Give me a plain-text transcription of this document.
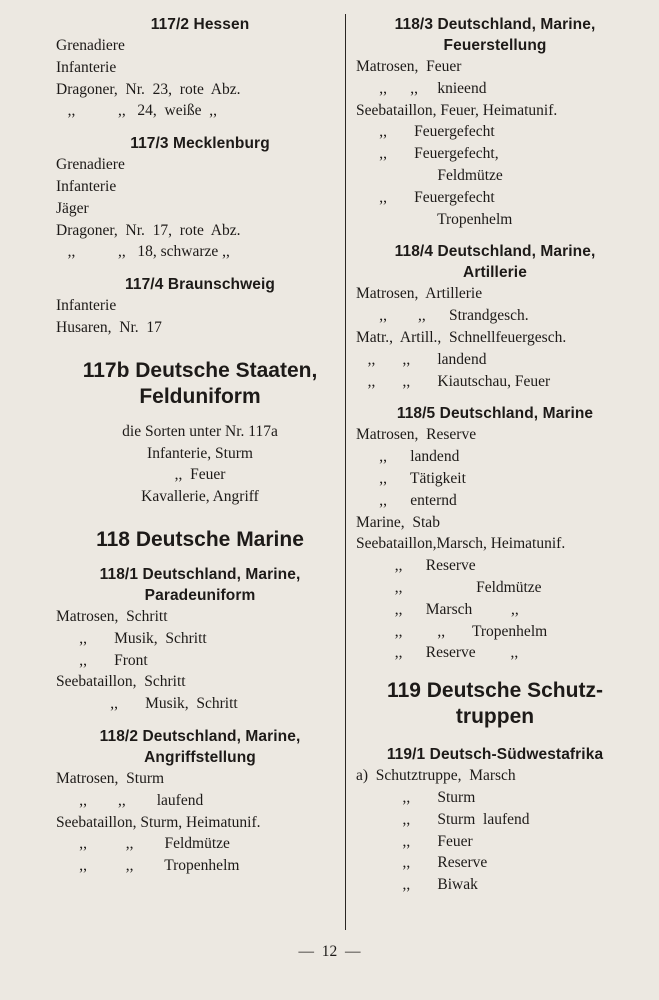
117/2 Hessen
Grenadiere
Infanterie
Dragoner,  Nr.  23,  rote  Abz.
,,           ,,   24,  weiße  ,,
117/3 Mecklenburg
Grenadiere
Infanterie
Jäger
Dragoner,  Nr.  17,  rote  Abz.
,,           ,,   18, schwarze ,,
117/4 Braunschweig
Infanterie
Husaren,  Nr.  17
117b Deutsche Staaten,
Felduniform
die Sorten unter Nr. 117a
Infanterie, Sturm
,,  Feuer
Kavallerie, Angriff
118 Deutsche Marine
118/1 Deutschland, Marine,
Paradeuniform
Matrosen,  Schritt
,,       Musik,  Schritt
,,       Front
Seebataillon,  Schritt
,,       Musik,  Schritt
118/2 Deutschland, Marine,
Angriffstellung
Matrosen,  Sturm
,,        ,,        laufend
Seebataillon, Sturm, Heimatunif.
,,          ,,        Feldmütze
,,          ,,        Tropenhelm
118/3 Deutschland, Marine,
Feuerstellung
Matrosen,  Feuer
,,      ,,     knieend
Seebataillon, Feuer, Heimatunif.
,,       Feuergefecht
,,       Feuergefecht,
Feldmütze
,,       Feuergefecht
Tropenhelm
118/4 Deutschland, Marine,
Artillerie
Matrosen,  Artillerie
,,        ,,      Strandgesch.
Matr.,  Artill.,  Schnellfeuergesch.
,,       ,,       landend
,,       ,,       Kiautschau, Feuer
118/5 Deutschland, Marine
Matrosen,  Reserve
,,      landend
,,      Tätigkeit
,,      enternd
Marine,  Stab
Seebataillon,Marsch, Heimatunif.
,,      Reserve
,,                   Feldmütze
,,      Marsch          ,,
,,         ,,       Tropenhelm
,,      Reserve         ,,
119 Deutsche Schutz-
truppen
119/1 Deutsch-Südwestafrika
a)  Schutztruppe,  Marsch
,,       Sturm
,,       Sturm  laufend
,,       Feuer
,,       Reserve
,,       Biwak
—  12  —
